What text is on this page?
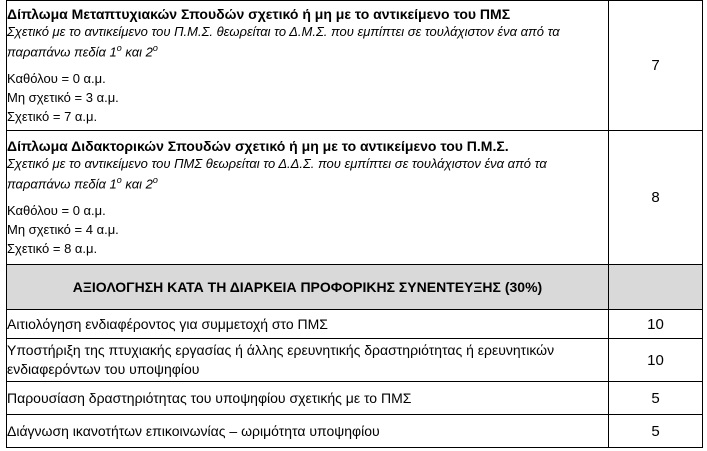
Δίπλωμα Μεταπτυχιακών Σπουδών σχετικό ή μη με το αντικείμενο του ΠΜΣ
Σχετικό με το αντικείμενο του Π.Μ.Σ. θεωρείται το Δ.Μ.Σ. που εμπίπτει σε τουλάχιστον ένα από τα παραπάνω πεδία $1^o$ και $2^o$
Καθόλου = 0 α.μ.
Μη σχετικό = 3 α.μ.
Σχετικό = 7 α.μ.	7

Δίπλωμα Διδακτορικών Σπουδών σχετικό ή μη με το αντικείμενο του Π.Μ.Σ.
Σχετικό με το αντικείμενο του ΠΜΣ θεωρείται το Δ.Δ.Σ. που εμπίπτει σε τουλάχιστον ένα από τα παραπάνω πεδία $1^o$ και $2^o$
Καθόλου = 0 α.μ.
Μη σχετικό = 4 α.μ.
Σχετικό = 8 α.μ.	8
ΑΞΙΟΛΟΓΗΣΗ ΚΑΤΑ ΤΗ ΔΙΑΡΚΕΙΑ ΠΡΟΦΟΡΙΚΗΣ ΣΥΝΕΝΤΕΥΞΗΣ (30%)	
Αιτιολόγηση ενδιαφέροντος για συμμετοχή στο ΠΜΣ	10
Υποστήριξη της πτυχιακής εργασίας ή άλλης ερευνητικής δραστηριότητας ή ερευνητικών ενδιαφερόντων του υποψηφίου	10
Παρουσίαση δραστηριότητας του υποψηφίου σχετικής με το ΠΜΣ	5
Διάγνωση ικανοτήτων επικοινωνίας – ωριμότητα υποψηφίου	5
